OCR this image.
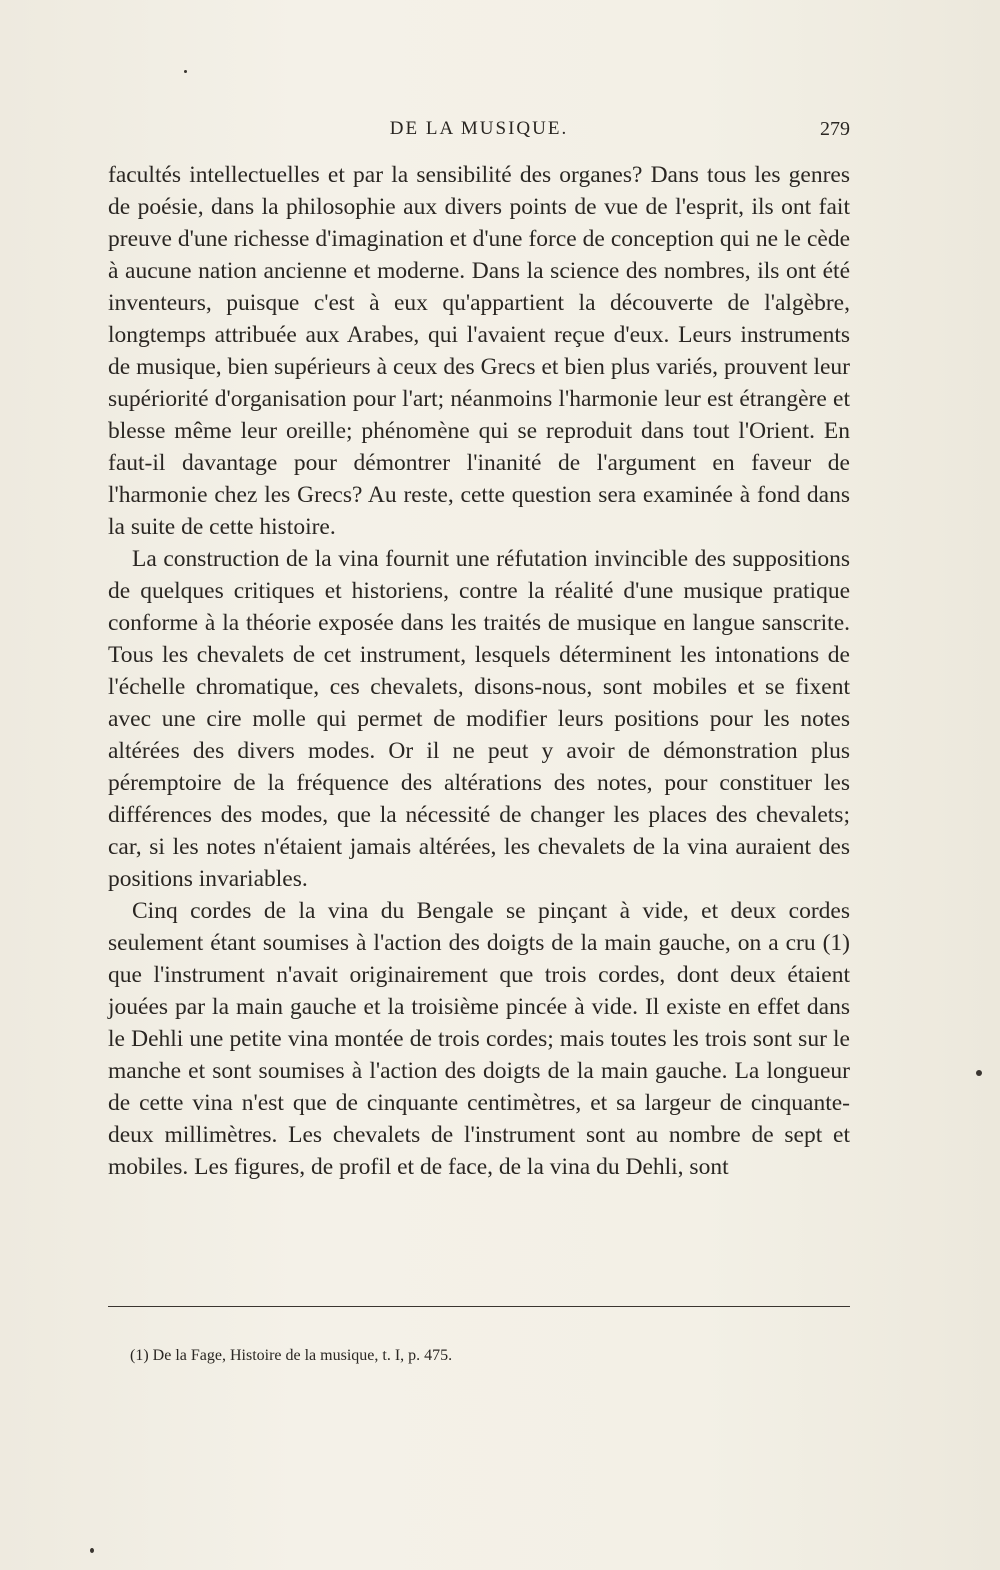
DE LA MUSIQUE.	279

facultés intellectuelles et par la sensibilité des organes? Dans tous les genres de poésie, dans la philosophie aux divers points de vue de l'esprit, ils ont fait preuve d'une richesse d'imagination et d'une force de conception qui ne le cède à aucune nation ancienne et moderne. Dans la science des nombres, ils ont été inventeurs, puisque c'est à eux qu'appartient la découverte de l'algèbre, longtemps attribuée aux Arabes, qui l'avaient reçue d'eux. Leurs instruments de musique, bien supérieurs à ceux des Grecs et bien plus variés, prouvent leur supériorité d'organisation pour l'art; néanmoins l'harmonie leur est étrangère et blesse même leur oreille; phénomène qui se reproduit dans tout l'Orient. En faut-il davantage pour démontrer l'inanité de l'argument en faveur de l'harmonie chez les Grecs? Au reste, cette question sera examinée à fond dans la suite de cette histoire.

La construction de la vina fournit une réfutation invincible des suppositions de quelques critiques et historiens, contre la réalité d'une musique pratique conforme à la théorie exposée dans les traités de musique en langue sanscrite. Tous les chevalets de cet instrument, lesquels déterminent les intonations de l'échelle chromatique, ces chevalets, disons-nous, sont mobiles et se fixent avec une cire molle qui permet de modifier leurs positions pour les notes altérées des divers modes. Or il ne peut y avoir de démonstration plus péremptoire de la fréquence des altérations des notes, pour constituer les différences des modes, que la nécessité de changer les places des chevalets; car, si les notes n'étaient jamais altérées, les chevalets de la vina auraient des positions invariables.

Cinq cordes de la vina du Bengale se pinçant à vide, et deux cordes seulement étant soumises à l'action des doigts de la main gauche, on a cru (1) que l'instrument n'avait originairement que trois cordes, dont deux étaient jouées par la main gauche et la troisième pincée à vide. Il existe en effet dans le Dehli une petite vina montée de trois cordes; mais toutes les trois sont sur le manche et sont soumises à l'action des doigts de la main gauche. La longueur de cette vina n'est que de cinquante centimètres, et sa largeur de cinquante-deux millimètres. Les chevalets de l'instrument sont au nombre de sept et mobiles. Les figures, de profil et de face, de la vina du Dehli, sont

(1) De la Fage, Histoire de la musique, t. I, p. 475.
